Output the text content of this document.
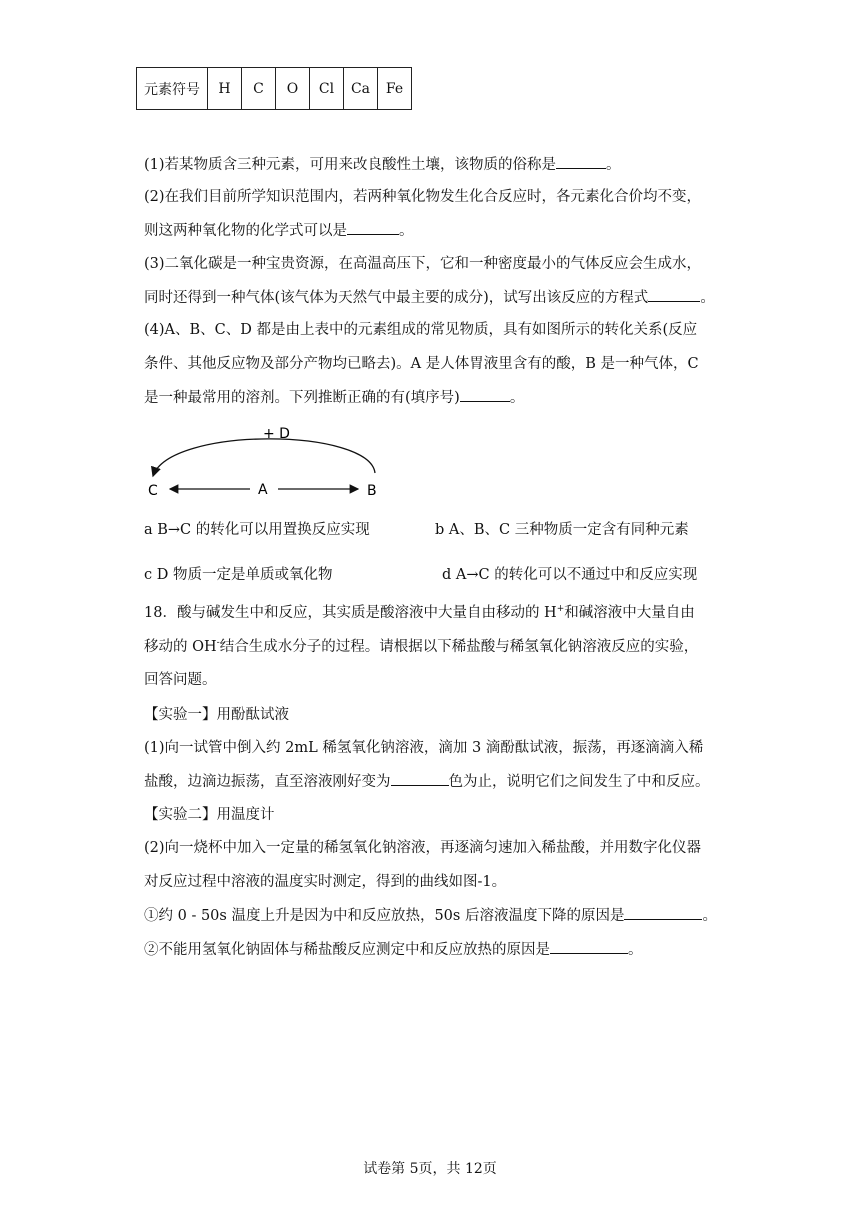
元素符号	H	C	O	Cl	Ca	Fe
(1)若某物质含三种元素，可用来改良酸性土壤，该物质的俗称是	。
(2)在我们目前所学知识范围内，若两种氧化物发生化合反应时，各元素化合价均不变，
则这两种氧化物的化学式可以是	。
(3)二氧化碳是一种宝贵资源，在高温高压下，它和一种密度最小的气体反应会生成水，
同时还得到一种气体(该气体为天然气中最主要的成分)，试写出该反应的方程式	。
(4)A、B、C、D 都是由上表中的元素组成的常见物质，具有如图所示的转化关系(反应
条件、其他反应物及部分产物均已略去)。A 是人体胃液里含有的酸，B 是一种气体，C
是一种最常用的溶剂。下列推断正确的有(填序号)	。
+ D
C	A	B
a B→C 的转化可以用置换反应实现	b A、B、C 三种物质一定含有同种元素
c D 物质一定是单质或氧化物	d A→C 的转化可以不通过中和反应实现
18．酸与碱发生中和反应，其实质是酸溶液中大量自由移动的 H+和碱溶液中大量自由
移动的 OH-结合生成水分子的过程。请根据以下稀盐酸与稀氢氧化钠溶液反应的实验，
回答问题。
【实验一】用酚酞试液
(1)向一试管中倒入约 2mL 稀氢氧化钠溶液，滴加 3 滴酚酞试液，振荡，再逐滴滴入稀
盐酸，边滴边振荡，直至溶液刚好变为	色为止，说明它们之间发生了中和反应。
【实验二】用温度计
(2)向一烧杯中加入一定量的稀氢氧化钠溶液，再逐滴匀速加入稀盐酸，并用数字化仪器
对反应过程中溶液的温度实时测定，得到的曲线如图-1。
①约 0 - 50s 温度上升是因为中和反应放热，50s 后溶液温度下降的原因是	。
②不能用氢氧化钠固体与稀盐酸反应测定中和反应放热的原因是	。
试卷第 5页，共 12页
